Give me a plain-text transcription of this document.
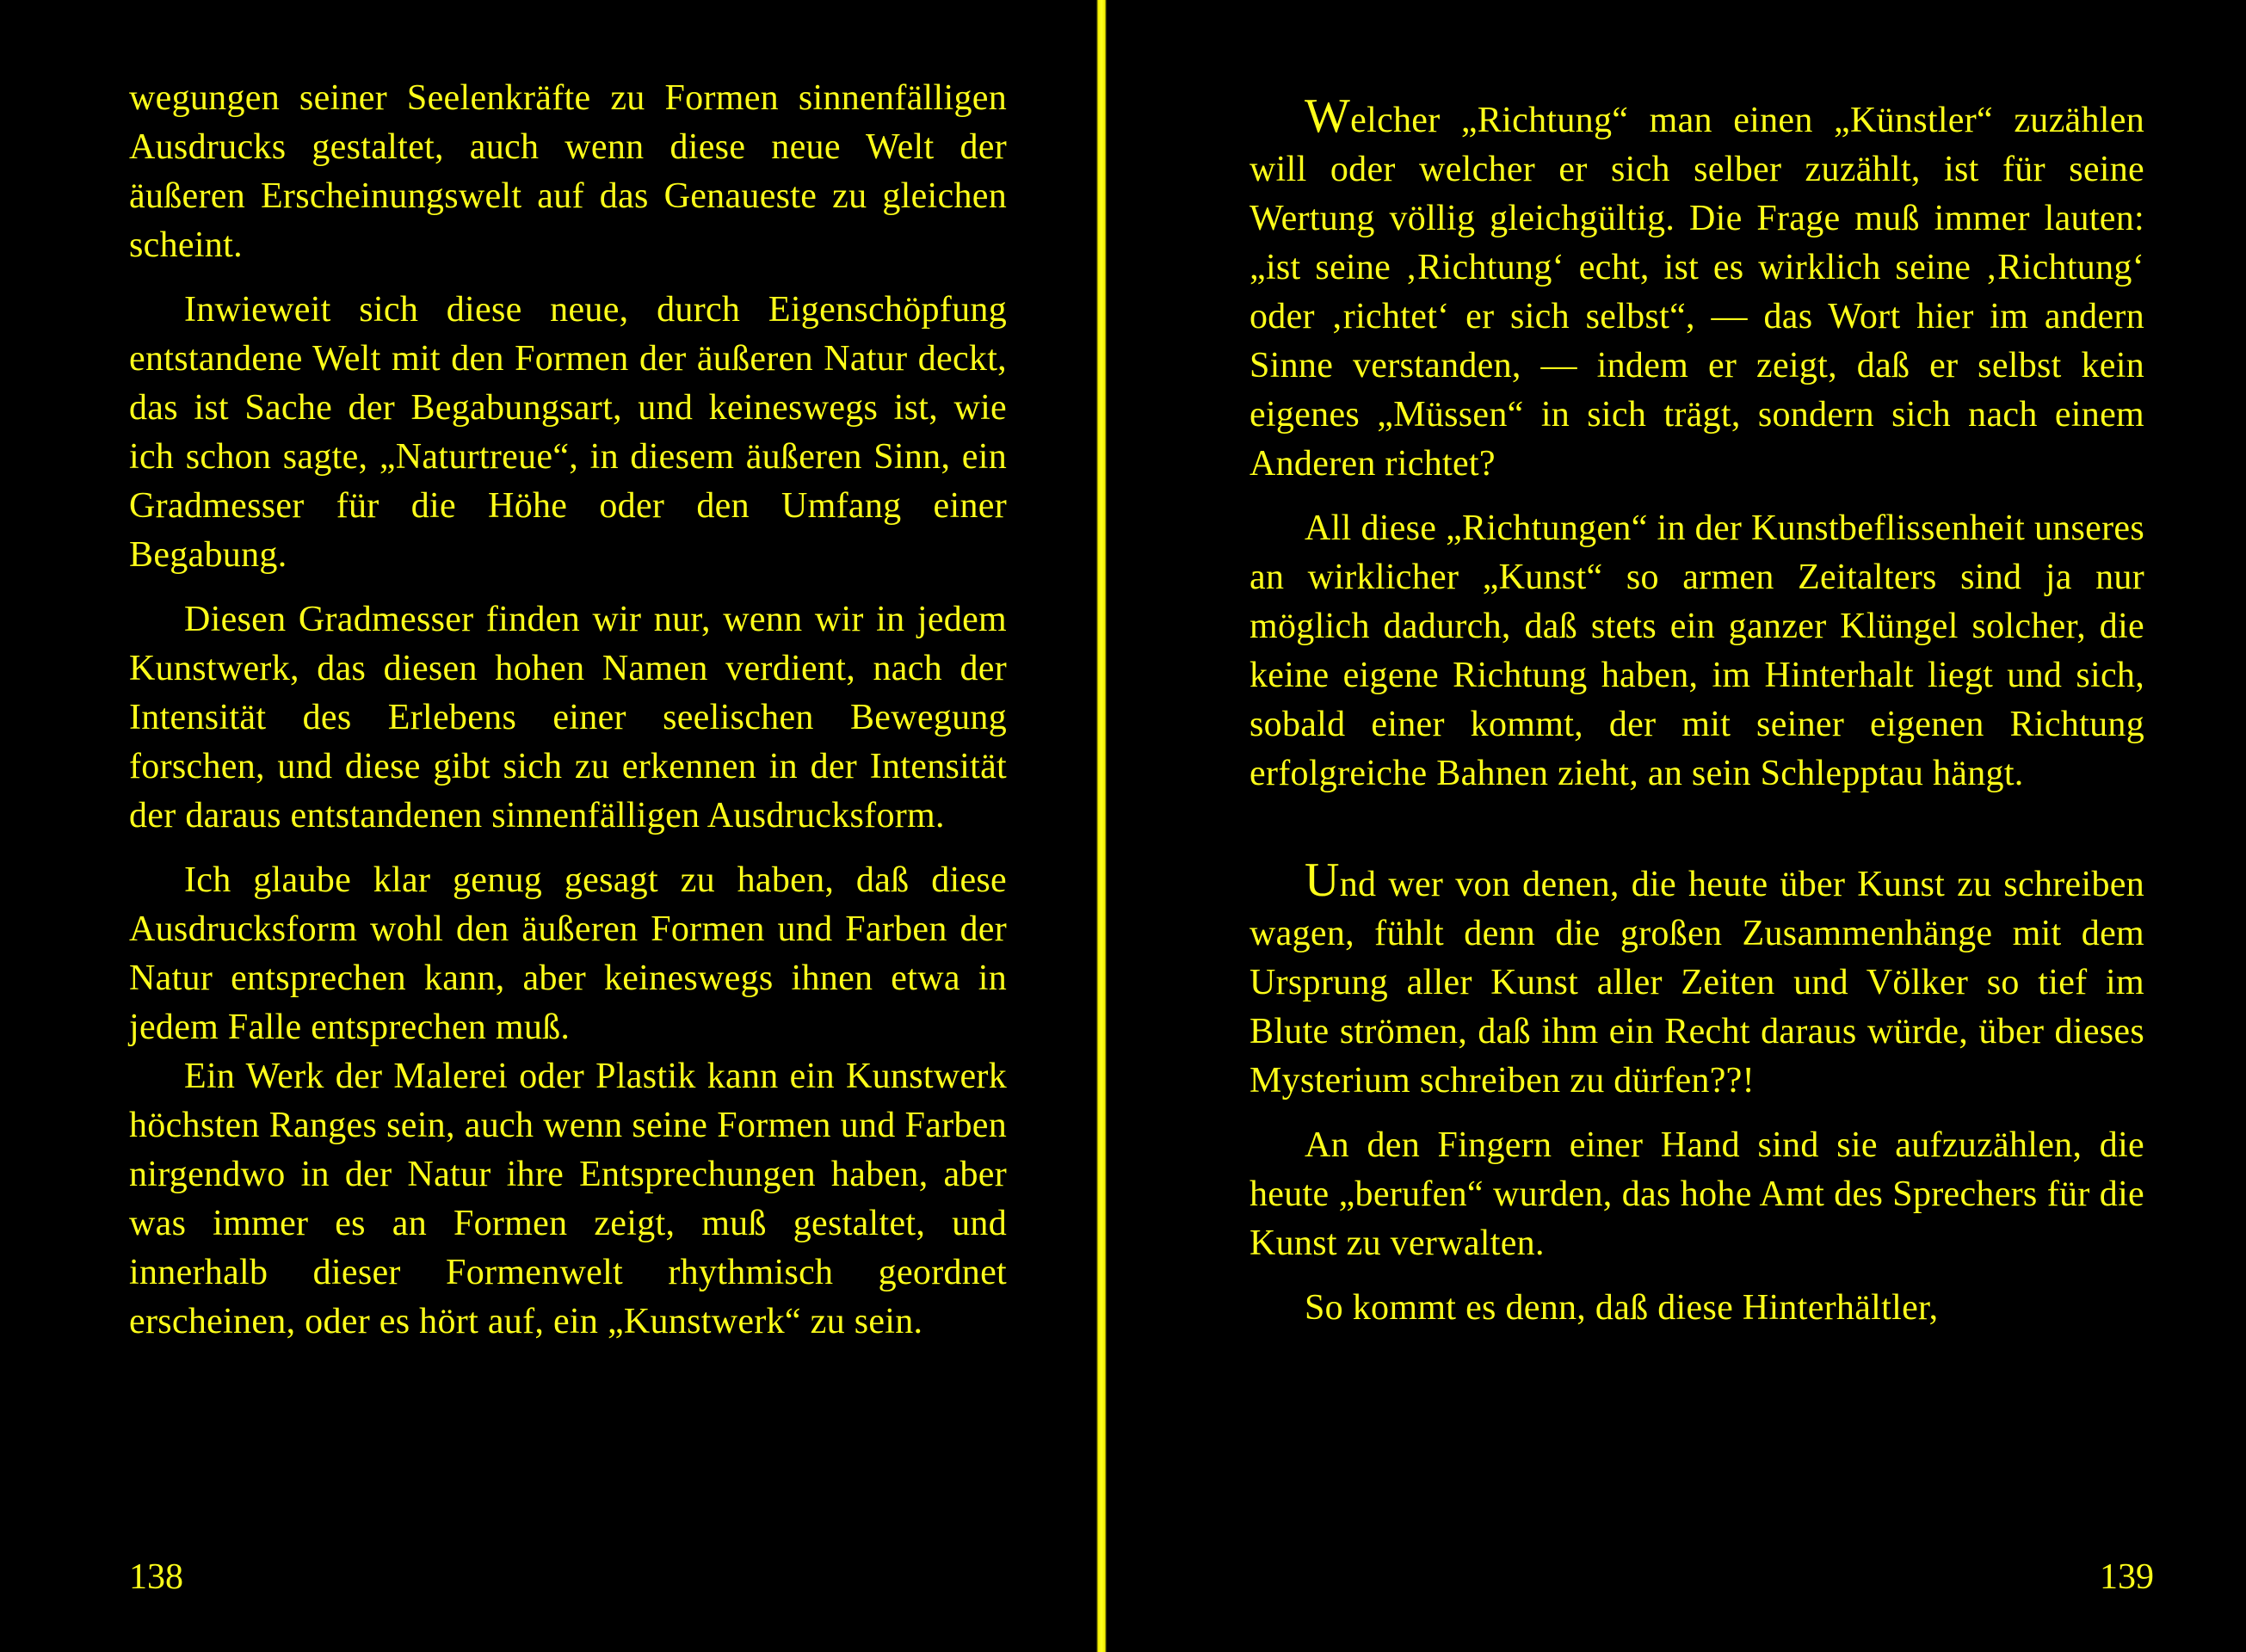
wegungen seiner Seelenkräfte zu Formen sinnenfälligen Ausdrucks gestaltet, auch wenn diese neue Welt der äußeren Erscheinungswelt auf das Genaueste zu gleichen scheint.

Inwieweit sich diese neue, durch Eigenschöpfung entstandene Welt mit den Formen der äußeren Natur deckt, das ist Sache der Begabungsart, und keineswegs ist, wie ich schon sagte, „Naturtreue“, in diesem äußeren Sinn, ein Gradmesser für die Höhe oder den Umfang einer Begabung.

Diesen Gradmesser finden wir nur, wenn wir in jedem Kunstwerk, das diesen hohen Namen verdient, nach der Intensität des Erlebens einer seelischen Bewegung forschen, und diese gibt sich zu erkennen in der Intensität der daraus entstandenen sinnenfälligen Ausdrucksform.

Ich glaube klar genug gesagt zu haben, daß diese Ausdrucksform wohl den äußeren Formen und Farben der Natur entsprechen kann, aber keineswegs ihnen etwa in jedem Falle entsprechen muß.

Ein Werk der Malerei oder Plastik kann ein Kunstwerk höchsten Ranges sein, auch wenn seine Formen und Farben nirgendwo in der Natur ihre Entsprechungen haben, aber was immer es an Formen zeigt, muß gestaltet, und innerhalb dieser Formenwelt rhythmisch geordnet erscheinen, oder es hört auf, ein „Kunstwerk“ zu sein.

138

Welcher „Richtung“ man einen „Künstler“ zuzählen will oder welcher er sich selber zuzählt, ist für seine Wertung völlig gleichgültig. Die Frage muß immer lauten: „ist seine ‚Richtung‘ echt, ist es wirklich seine ‚Richtung‘ oder ‚richtet‘ er sich selbst“, — das Wort hier im andern Sinne verstanden, — indem er zeigt, daß er selbst kein eigenes „Müssen“ in sich trägt, sondern sich nach einem Anderen richtet?

All diese „Richtungen“ in der Kunstbeflissenheit unseres an wirklicher „Kunst“ so armen Zeitalters sind ja nur möglich dadurch, daß stets ein ganzer Klüngel solcher, die keine eigene Richtung haben, im Hinterhalt liegt und sich, sobald einer kommt, der mit seiner eigenen Richtung erfolgreiche Bahnen zieht, an sein Schlepptau hängt.

Und wer von denen, die heute über Kunst zu schreiben wagen, fühlt denn die großen Zusammenhänge mit dem Ursprung aller Kunst aller Zeiten und Völker so tief im Blute strömen, daß ihm ein Recht daraus würde, über dieses Mysterium schreiben zu dürfen??!

An den Fingern einer Hand sind sie aufzuzählen, die heute „berufen“ wurden, das hohe Amt des Sprechers für die Kunst zu verwalten.

So kommt es denn, daß diese Hinterhältler,

139
